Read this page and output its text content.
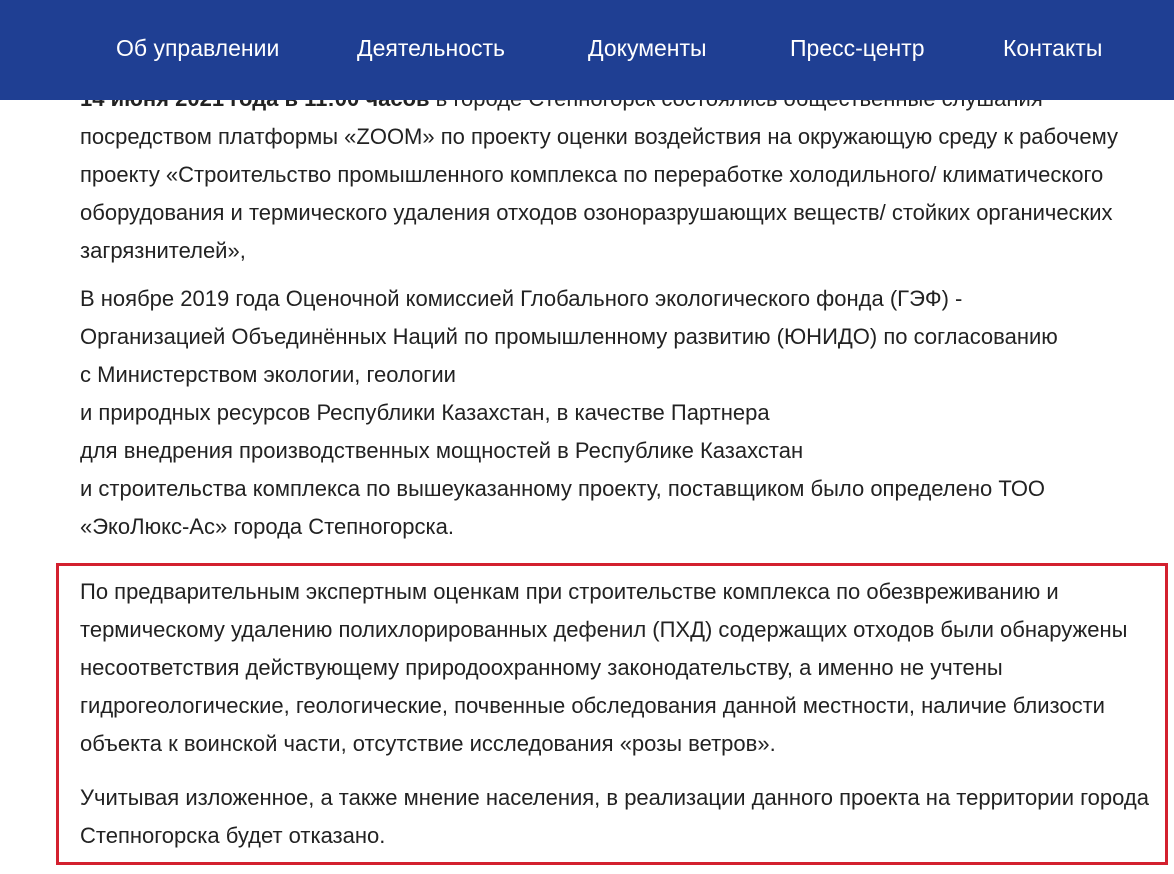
посредством платформы «ZOOM» по проекту оценки воздействия на окружающую среду к рабочему проекту «Строительство промышленного комплекса по переработке холодильного/ климатического оборудования и термического удаления отходов озоноразрушающих веществ/ стойких органических загрязнителей»,

В ноябре 2019 года Оценочной комиссией Глобального экологического фонда (ГЭФ) -
Организацией Объединённых Наций по промышленному развитию (ЮНИДО) по согласованию
с Министерством экологии, геологии
и природных ресурсов Республики Казахстан, в качестве Партнера
для внедрения производственных мощностей в Республике Казахстан
и строительства комплекса по вышеуказанному проекту, поставщиком было определено ТОО
«ЭкоЛюкс-Ас» города Степногорска.

По предварительным экспертным оценкам при строительстве комплекса по обезвреживанию и термическому удалению полихлорированных дефенил (ПХД) содержащих отходов были обнаружены несоответствия действующему природоохранному законодательству, а именно не учтены гидрогеологические, геологические, почвенные обследования данной местности, наличие близости объекта к воинской части, отсутствие исследования «розы ветров».

Учитывая изложенное, а также мнение населения, в реализации данного проекта на территории города Степногорска будет отказано.

Об управлении	Деятельность	Документы	Пресс-центр	Контакты
